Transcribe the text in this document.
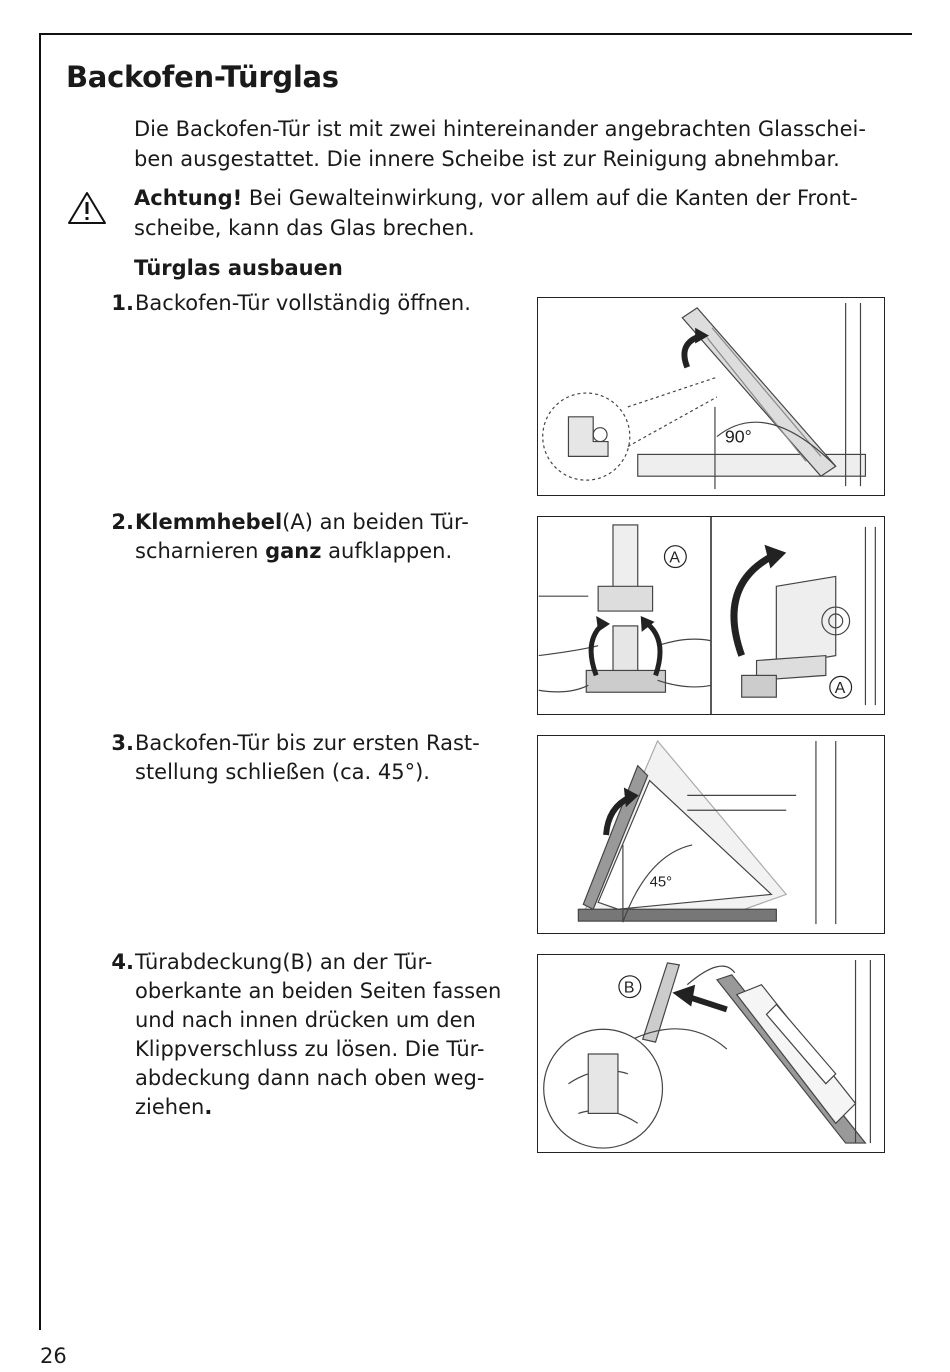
Backofen-Türglas

Die Backofen-Tür ist mit zwei hintereinander angebrachten Glasschei-
ben ausgestattet. Die innere Scheibe ist zur Reinigung abnehmbar.

Achtung! Bei Gewalteinwirkung, vor allem auf die Kanten der Front-
scheibe, kann das Glas brechen.

Türglas ausbauen
1. Backofen-Tür vollständig öffnen.
2. Klemmhebel(A) an beiden Tür-
scharnieren ganz aufklappen.
3. Backofen-Tür bis zur ersten Rast-
stellung schließen (ca. 45°).
4. Türabdeckung(B) an der Tür-
oberkante an beiden Seiten fassen
und nach innen drücken um den
Klippverschluss zu lösen. Die Tür-
abdeckung dann nach oben weg-
ziehen.
90°
A
A
45°
B
26
